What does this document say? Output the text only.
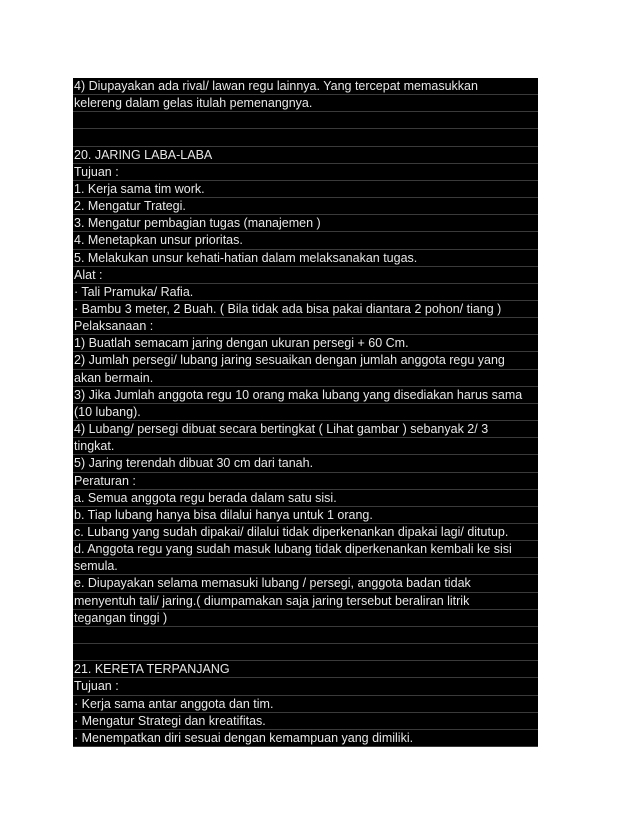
4) Diupayakan ada rival/ lawan regu lainnya. Yang tercepat memasukkan
kelereng dalam gelas itulah pemenangnya.
20. JARING LABA-LABA
Tujuan :
1. Kerja sama tim work.
2. Mengatur Trategi.
3. Mengatur pembagian tugas (manajemen )
4. Menetapkan unsur prioritas.
5. Melakukan unsur kehati-hatian dalam melaksanakan tugas.
Alat :
· Tali Pramuka/ Rafia.
· Bambu 3 meter, 2 Buah. ( Bila tidak ada bisa pakai diantara 2 pohon/ tiang )
Pelaksanaan :
1) Buatlah semacam jaring dengan ukuran persegi + 60 Cm.
2) Jumlah persegi/ lubang jaring sesuaikan dengan jumlah anggota regu yang
akan bermain.
3) Jika Jumlah anggota regu 10 orang maka lubang yang disediakan harus sama
(10 lubang).
4) Lubang/ persegi dibuat secara bertingkat ( Lihat gambar ) sebanyak 2/ 3
tingkat.
5) Jaring terendah dibuat 30 cm dari tanah.
Peraturan :
a. Semua anggota regu berada dalam satu sisi.
b. Tiap lubang hanya bisa dilalui hanya untuk 1 orang.
c. Lubang yang sudah dipakai/ dilalui tidak diperkenankan dipakai lagi/ ditutup.
d. Anggota regu yang sudah masuk lubang tidak diperkenankan kembali ke sisi
semula.
e. Diupayakan selama memasuki lubang / persegi, anggota badan tidak
menyentuh tali/ jaring.( diumpamakan saja jaring tersebut beraliran litrik
tegangan tinggi )
21. KERETA TERPANJANG
Tujuan :
· Kerja sama antar anggota dan tim.
· Mengatur Strategi dan kreatifitas.
· Menempatkan diri sesuai dengan kemampuan yang dimiliki.
